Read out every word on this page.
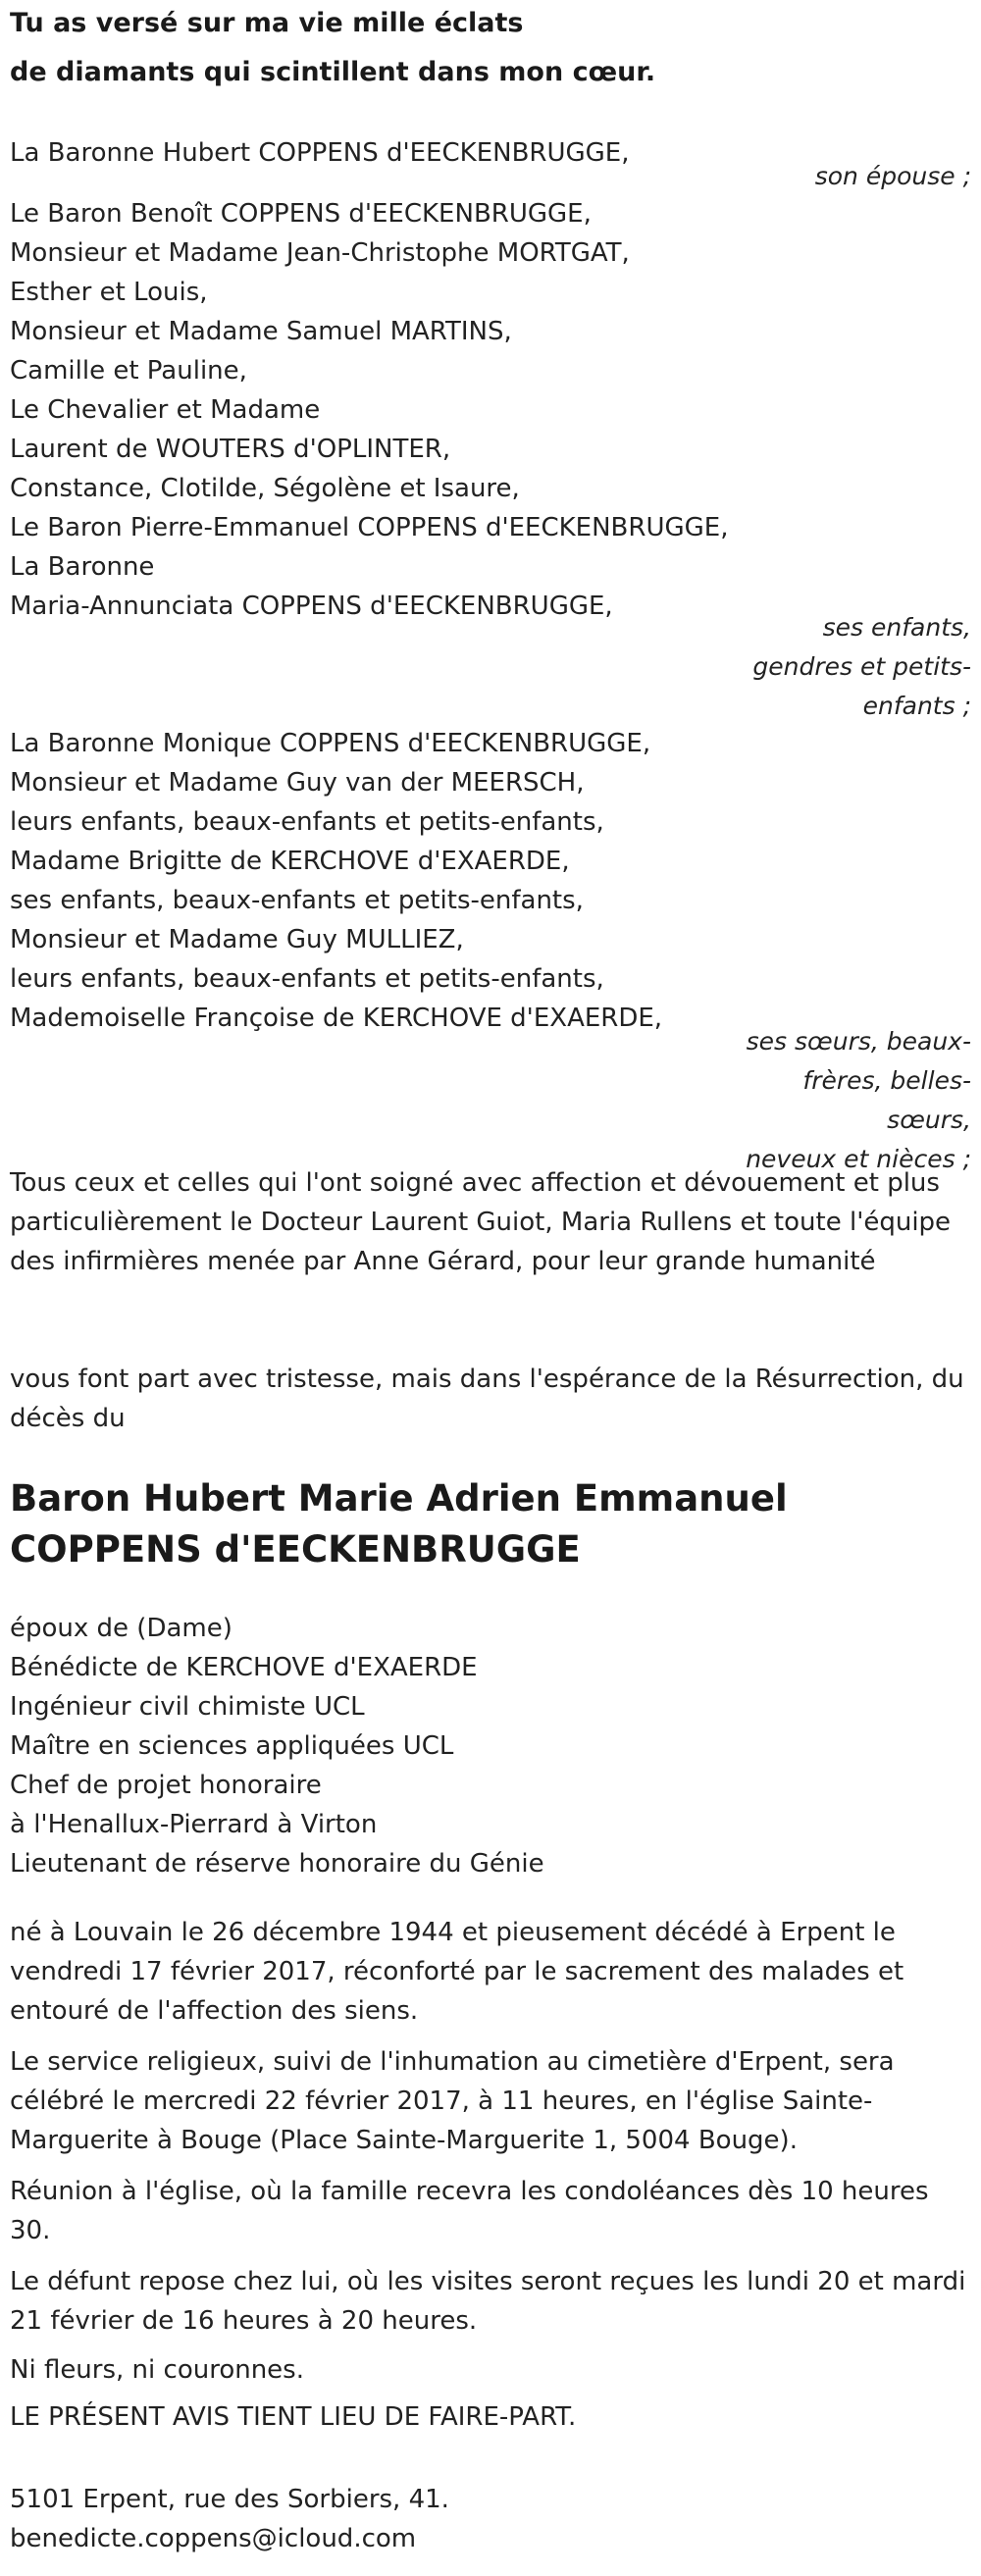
Tu as versé sur ma vie mille éclats

de diamants qui scintillent dans mon cœur.

La Baronne Hubert COPPENS d'EECKENBRUGGE,

son épouse ;

Le Baron Benoît COPPENS d'EECKENBRUGGE,
Monsieur et Madame Jean-Christophe MORTGAT,
Esther et Louis,
Monsieur et Madame Samuel MARTINS,
Camille et Pauline,
Le Chevalier et Madame
Laurent de WOUTERS d'OPLINTER,
Constance, Clotilde, Ségolène et Isaure,
Le Baron Pierre-Emmanuel COPPENS d'EECKENBRUGGE,
La Baronne
Maria-Annunciata COPPENS d'EECKENBRUGGE,

ses enfants,
gendres et petits-
enfants ;

La Baronne Monique COPPENS d'EECKENBRUGGE,
Monsieur et Madame Guy van der MEERSCH,
leurs enfants, beaux-enfants et petits-enfants,
Madame Brigitte de KERCHOVE d'EXAERDE,
ses enfants, beaux-enfants et petits-enfants,
Monsieur et Madame Guy MULLIEZ,
leurs enfants, beaux-enfants et petits-enfants,
Mademoiselle Françoise de KERCHOVE d'EXAERDE,

ses sœurs, beaux-
frères, belles-
sœurs,
neveux et nièces ;

Tous ceux et celles qui l'ont soigné avec affection et dévouement et plus particulièrement le Docteur Laurent Guiot, Maria Rullens et toute l'équipe des infirmières menée par Anne Gérard, pour leur grande humanité

vous font part avec tristesse, mais dans l'espérance de la Résurrection, du décès du

Baron Hubert Marie Adrien Emmanuel COPPENS d'EECKENBRUGGE
époux de (Dame)
Bénédicte de KERCHOVE d'EXAERDE
Ingénieur civil chimiste UCL
Maître en sciences appliquées UCL
Chef de projet honoraire
à l'Henallux-Pierrard à Virton
Lieutenant de réserve honoraire du Génie

né à Louvain le 26 décembre 1944 et pieusement décédé à Erpent le vendredi 17 février 2017, réconforté par le sacrement des malades et entouré de l'affection des siens.

Le service religieux, suivi de l'inhumation au cimetière d'Erpent, sera célébré le mercredi 22 février 2017, à 11 heures, en l'église Sainte-Marguerite à Bouge (Place Sainte-Marguerite 1, 5004 Bouge).

Réunion à l'église, où la famille recevra les condoléances dès 10 heures 30.

Le défunt repose chez lui, où les visites seront reçues les lundi 20 et mardi 21 février de 16 heures à 20 heures.

Ni fleurs, ni couronnes.

LE PRÉSENT AVIS TIENT LIEU DE FAIRE-PART.

5101 Erpent, rue des Sorbiers, 41.

benedicte.coppens@icloud.com
